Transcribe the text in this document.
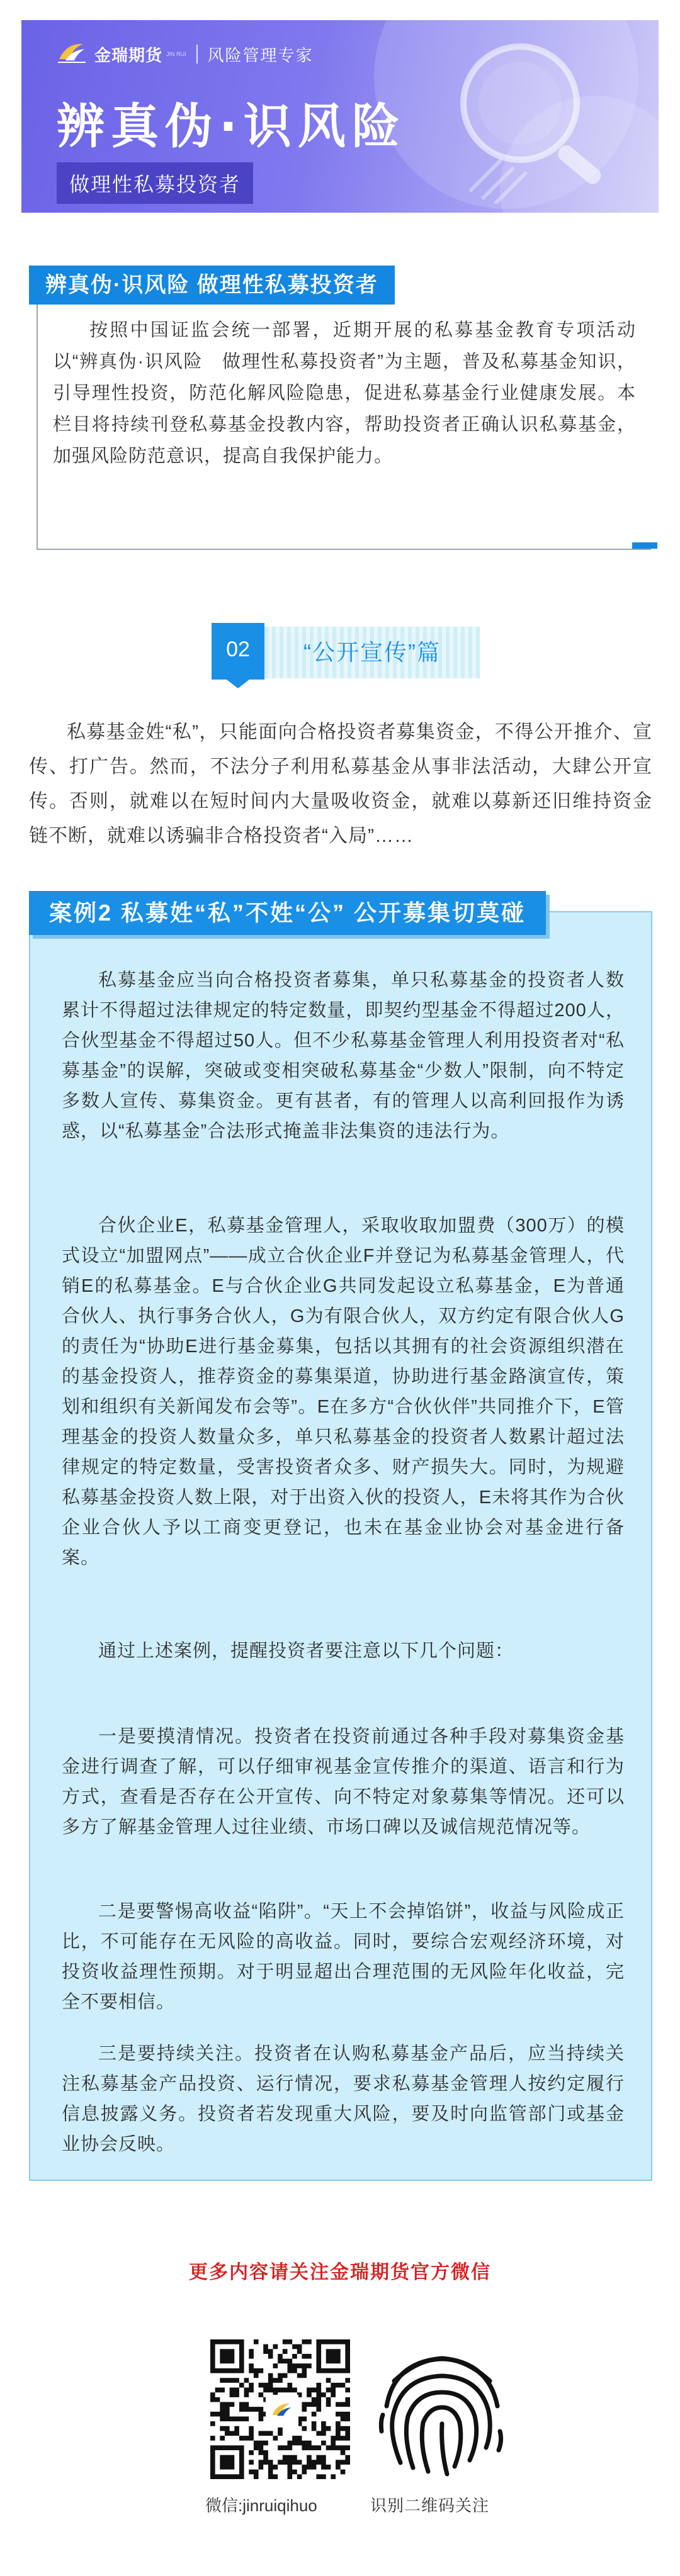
金瑞期货 JIN RUI 风险管理专家
辨真伪·识风险
做理性私募投资者
辨真伪·识风险 做理性私募投资者
按照中国证监会统一部署，近期开展的私募基金教育专项活动以“辨真伪·识风险　做理性私募投资者”为主题，普及私募基金知识，引导理性投资，防范化解风险隐患，促进私募基金行业健康发展。本栏目将持续刊登私募基金投教内容，帮助投资者正确认识私募基金，加强风险防范意识，提高自我保护能力。
02	“公开宣传”篇
私募基金姓“私”，只能面向合格投资者募集资金，不得公开推介、宣传、打广告。然而，不法分子利用私募基金从事非法活动，大肆公开宣传。否则，就难以在短时间内大量吸收资金，就难以募新还旧维持资金链不断，就难以诱骗非合格投资者“入局”……
案例2 私募姓“私”不姓“公” 公开募集切莫碰
私募基金应当向合格投资者募集，单只私募基金的投资者人数累计不得超过法律规定的特定数量，即契约型基金不得超过200人，合伙型基金不得超过50人。但不少私募基金管理人利用投资者对“私募基金”的误解，突破或变相突破私募基金“少数人”限制，向不特定多数人宣传、募集资金。更有甚者，有的管理人以高利回报作为诱惑，以“私募基金”合法形式掩盖非法集资的违法行为。
合伙企业E，私募基金管理人，采取收取加盟费（300万）的模式设立“加盟网点”——成立合伙企业F并登记为私募基金管理人，代销E的私募基金。E与合伙企业G共同发起设立私募基金，E为普通合伙人、执行事务合伙人，G为有限合伙人，双方约定有限合伙人G的责任为“协助E进行基金募集，包括以其拥有的社会资源组织潜在的基金投资人，推荐资金的募集渠道，协助进行基金路演宣传，策划和组织有关新闻发布会等”。E在多方“合伙伙伴”共同推介下，E管理基金的投资人数量众多，单只私募基金的投资者人数累计超过法律规定的特定数量，受害投资者众多、财产损失大。同时，为规避私募基金投资人数上限，对于出资入伙的投资人，E未将其作为合伙企业合伙人予以工商变更登记，也未在基金业协会对基金进行备案。
通过上述案例，提醒投资者要注意以下几个问题：
一是要摸清情况。投资者在投资前通过各种手段对募集资金基金进行调查了解，可以仔细审视基金宣传推介的渠道、语言和行为方式，查看是否存在公开宣传、向不特定对象募集等情况。还可以多方了解基金管理人过往业绩、市场口碑以及诚信规范情况等。
二是要警惕高收益“陷阱”。“天上不会掉馅饼”，收益与风险成正比，不可能存在无风险的高收益。同时，要综合宏观经济环境，对投资收益理性预期。对于明显超出合理范围的无风险年化收益，完全不要相信。
三是要持续关注。投资者在认购私募基金产品后，应当持续关注私募基金产品投资、运行情况，要求私募基金管理人按约定履行信息披露义务。投资者若发现重大风险，要及时向监管部门或基金业协会反映。
更多内容请关注金瑞期货官方微信
微信:jinruiqihuo	识别二维码关注
